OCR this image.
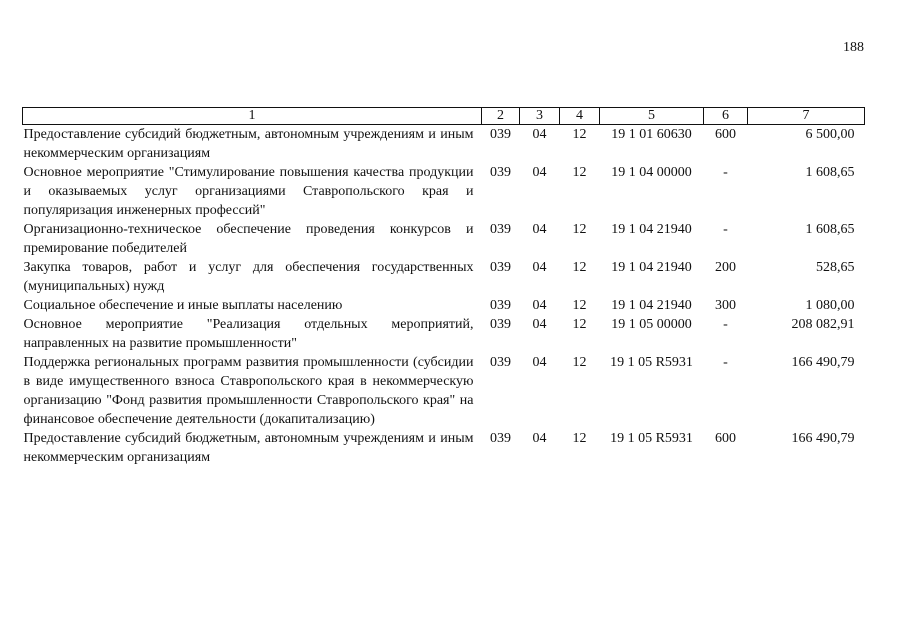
188
1	2	3	4	5	6	7
Предоставление субсидий бюджетным, автономным учреждениям и иным некоммерческим организациям	039	04	12	19 1 01 60630	600	6 500,00
Основное мероприятие "Стимулирование повышения качества продукции и оказываемых услуг организациями Ставропольского края и популяризация инженерных профессий"	039	04	12	19 1 04 00000	-	1 608,65
Организационно-техническое обеспечение проведения конкурсов и премирование победителей	039	04	12	19 1 04 21940	-	1 608,65
Закупка товаров, работ и услуг для обеспечения государственных (муниципальных) нужд	039	04	12	19 1 04 21940	200	528,65
Социальное обеспечение и иные выплаты населению	039	04	12	19 1 04 21940	300	1 080,00
Основное мероприятие "Реализация отдельных мероприятий, направленных на развитие промышленности"	039	04	12	19 1 05 00000	-	208 082,91
Поддержка региональных программ развития промышленности (субсидии в виде имущественного взноса Ставропольского края в некоммерческую организацию "Фонд развития промышленности Ставропольского края" на финансовое обеспечение деятельности (докапитализацию)	039	04	12	19 1 05 R5931	-	166 490,79
Предоставление субсидий бюджетным, автономным учреждениям и иным некоммерческим организациям	039	04	12	19 1 05 R5931	600	166 490,79
